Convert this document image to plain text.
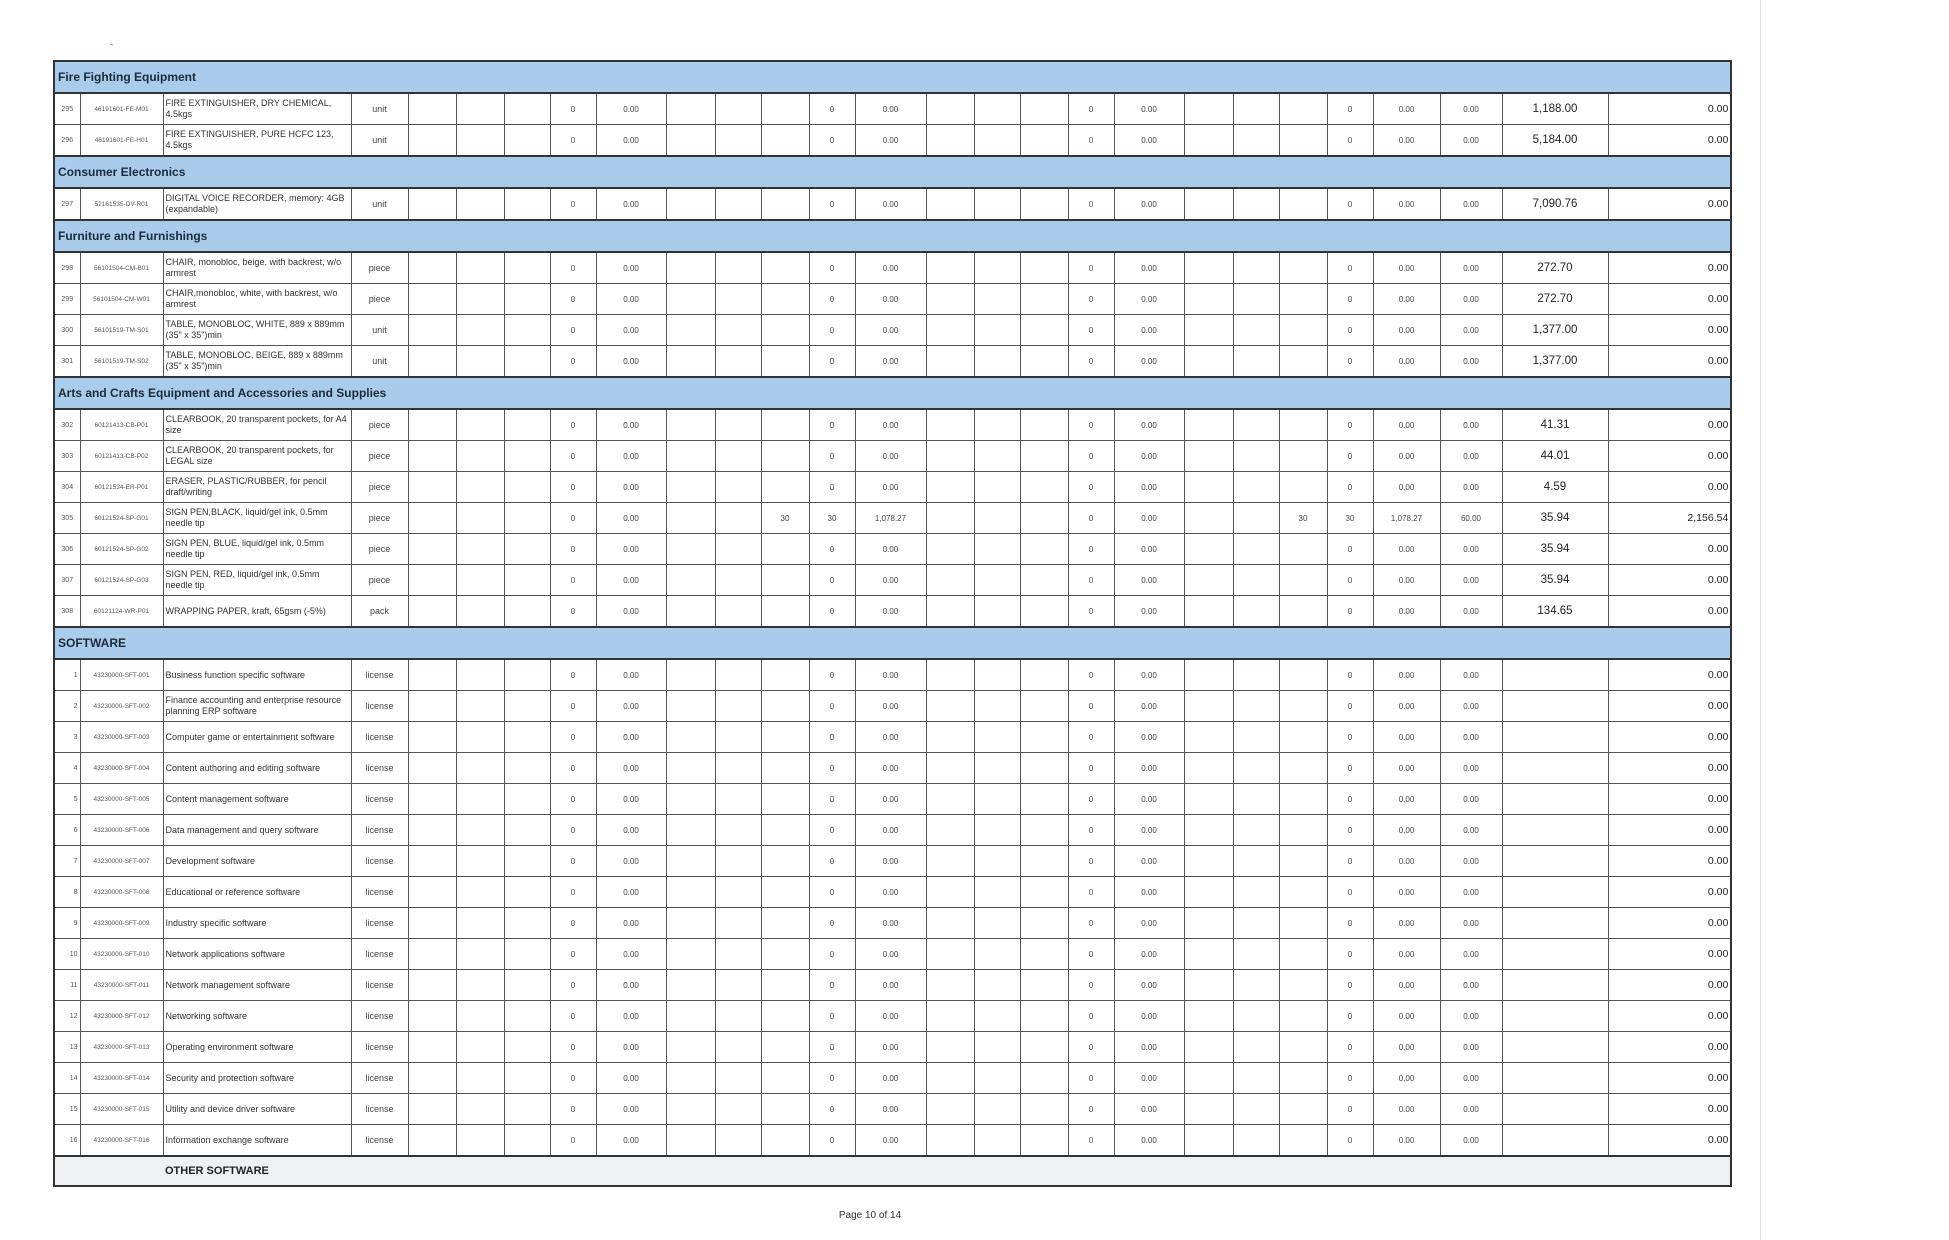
Fire Fighting Equipment																										
295	46191601-FE-M01	FIRE EXTINGUISHER, DRY CHEMICAL, 4.5kgs	unit				0	0.00				0	0.00				0	0.00				0	0.00	0.00	1,188.00	0.00
296	46191601-FE-H01	FIRE EXTINGUISHER, PURE HCFC 123, 4.5kgs	unit				0	0.00				0	0.00				0	0.00				0	0.00	0.00	5,184.00	0.00
Consumer Electronics																										
297	52161535-DV-R01	DIGITAL VOICE RECORDER, memory: 4GB (expandable)	unit				0	0.00				0	0.00				0	0.00				0	0.00	0.00	7,090.76	0.00
Furniture and Furnishings																										
298	56101504-CM-B01	CHAIR, monobloc, beige, with backrest, w/o armrest	piece				0	0.00				0	0.00				0	0.00				0	0.00	0.00	272.70	0.00
299	56101504-CM-W01	CHAIR,monobloc, white, with backrest, w/o armrest	piece				0	0.00				0	0.00				0	0.00				0	0.00	0.00	272.70	0.00
300	56101519-TM-S01	TABLE, MONOBLOC, WHITE, 889 x 889mm (35" x 35")min	unit				0	0.00				0	0.00				0	0.00				0	0.00	0.00	1,377.00	0.00
301	56101519-TM-S02	TABLE, MONOBLOC, BEIGE, 889 x 889mm (35" x 35")min	unit				0	0.00				0	0.00				0	0.00				0	0.00	0.00	1,377.00	0.00
Arts and Crafts Equipment and Accessories and Supplies																										
302	60121413-CB-P01	CLEARBOOK, 20 transparent pockets, for A4 size	piece				0	0.00				0	0.00				0	0.00				0	0.00	0.00	41.31	0.00
303	60121413-CB-P02	CLEARBOOK, 20 transparent pockets, for LEGAL size	piece				0	0.00				0	0.00				0	0.00				0	0.00	0.00	44.01	0.00
304	60121534-ER-P01	ERASER, PLASTIC/RUBBER, for pencil draft/writing	piece				0	0.00				0	0.00				0	0.00				0	0.00	0.00	4.59	0.00
305	60121524-SP-G01	SIGN PEN,BLACK, liquid/gel ink, 0.5mm needle tip	piece				0	0.00			30	30	1,078.27				0	0.00			30	30	1,078.27	60.00	35.94	2,156.54
306	60121524-SP-G02	SIGN PEN, BLUE, liquid/gel ink, 0.5mm needle tip	piece				0	0.00				0	0.00				0	0.00				0	0.00	0.00	35.94	0.00
307	60121524-SP-G03	SIGN PEN, RED, liquid/gel ink, 0.5mm needle tip	piece				0	0.00				0	0.00				0	0.00				0	0.00	0.00	35.94	0.00
308	60121124-WR-P01	WRAPPING PAPER, kraft, 65gsm (-5%)	pack				0	0.00				0	0.00				0	0.00				0	0.00	0.00	134.65	0.00
SOFTWARE																										
1	43230000-SFT-001	Business function specific software	license				0	0.00				0	0.00				0	0.00				0	0.00	0.00		0.00
2	43230000-SFT-002	Finance accounting and enterprise resource planning ERP software	license				0	0.00				0	0.00				0	0.00				0	0.00	0.00		0.00
3	43230000-SFT-003	Computer game or entertainment software	license				0	0.00				0	0.00				0	0.00				0	0.00	0.00		0.00
4	43230000-SFT-004	Content authoring and editing software	license				0	0.00				0	0.00				0	0.00				0	0.00	0.00		0.00
5	43230000-SFT-005	Content management software	license				0	0.00				0	0.00				0	0.00				0	0.00	0.00		0.00
6	43230000-SFT-006	Data management and query software	license				0	0.00				0	0.00				0	0.00				0	0.00	0.00		0.00
7	43230000-SFT-007	Development software	license				0	0.00				0	0.00				0	0.00				0	0.00	0.00		0.00
8	43230000-SFT-008	Educational or reference software	license				0	0.00				0	0.00				0	0.00				0	0.00	0.00		0.00
9	43230000-SFT-009	Industry specific software	license				0	0.00				0	0.00				0	0.00				0	0.00	0.00		0.00
10	43230000-SFT-010	Network applications software	license				0	0.00				0	0.00				0	0.00				0	0.00	0.00		0.00
11	43230000-SFT-011	Network management software	license				0	0.00				0	0.00				0	0.00				0	0.00	0.00		0.00
12	43230000-SFT-012	Networking software	license				0	0.00				0	0.00				0	0.00				0	0.00	0.00		0.00
13	43230000-SFT-013	Operating environment software	license				0	0.00				0	0.00				0	0.00				0	0.00	0.00		0.00
14	43230000-SFT-014	Security and protection software	license				0	0.00				0	0.00				0	0.00				0	0.00	0.00		0.00
15	43230000-SFT-015	Utility and device driver software	license				0	0.00				0	0.00				0	0.00				0	0.00	0.00		0.00
16	43230000-SFT-016	Information exchange software	license				0	0.00				0	0.00				0	0.00				0	0.00	0.00		0.00
OTHER SOFTWARE																										
Page 10 of 14
